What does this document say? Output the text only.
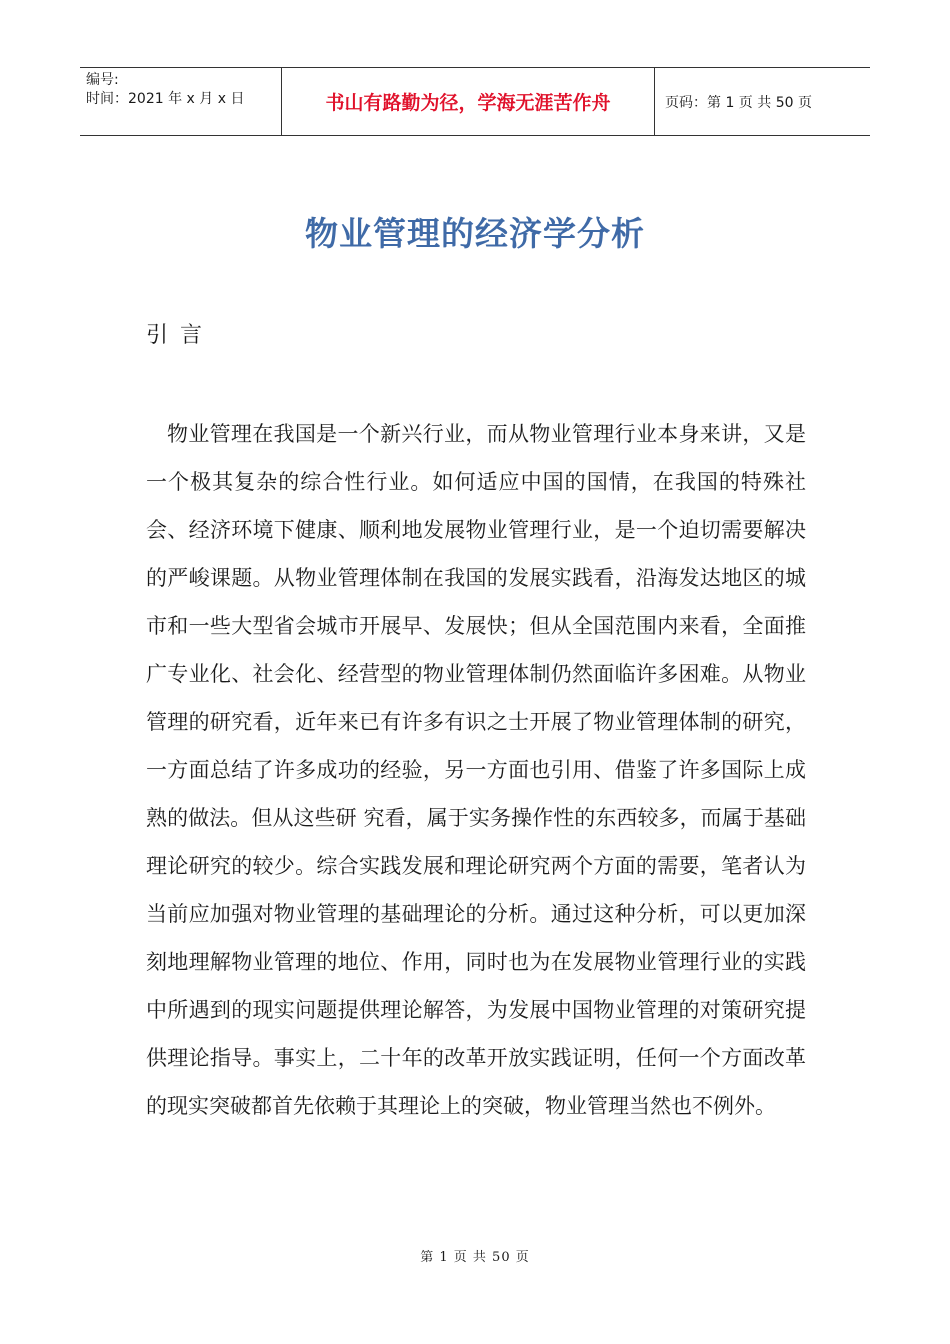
编号:
时间：2021 年 x 月 x 日	书山有路勤为径，学海无涯苦作舟	页码：第 1 页 共 50 页
物业管理的经济学分析
引言

物业管理在我国是一个新兴行业，而从物业管理行业本身来讲，又是一个极其复杂的综合性行业。如何适应中国的国情，在我国的特殊社会、经济环境下健康、顺利地发展物业管理行业，是一个迫切需要解决的严峻课题。从物业管理体制在我国的发展实践看，沿海发达地区的城市和一些大型省会城市开展早、发展快；但从全国范围内来看，全面推广专业化、社会化、经营型的物业管理体制仍然面临许多困难。从物业管理的研究看，近年来已有许多有识之士开展了物业管理体制的研究，一方面总结了许多成功的经验，另一方面也引用、借鉴了许多国际上成熟的做法。但从这些研 究看，属于实务操作性的东西较多，而属于基础理论研究的较少。综合实践发展和理论研究两个方面的需要，笔者认为当前应加强对物业管理的基础理论的分析。通过这种分析，可以更加深刻地理解物业管理的地位、作用，同时也为在发展物业管理行业的实践中所遇到的现实问题提供理论解答，为发展中国物业管理的对策研究提供理论指导。事实上，二十年的改革开放实践证明，任何一个方面改革的现实突破都首先依赖于其理论上的突破，物业管理当然也不例外。

第 1 页 共 50 页
